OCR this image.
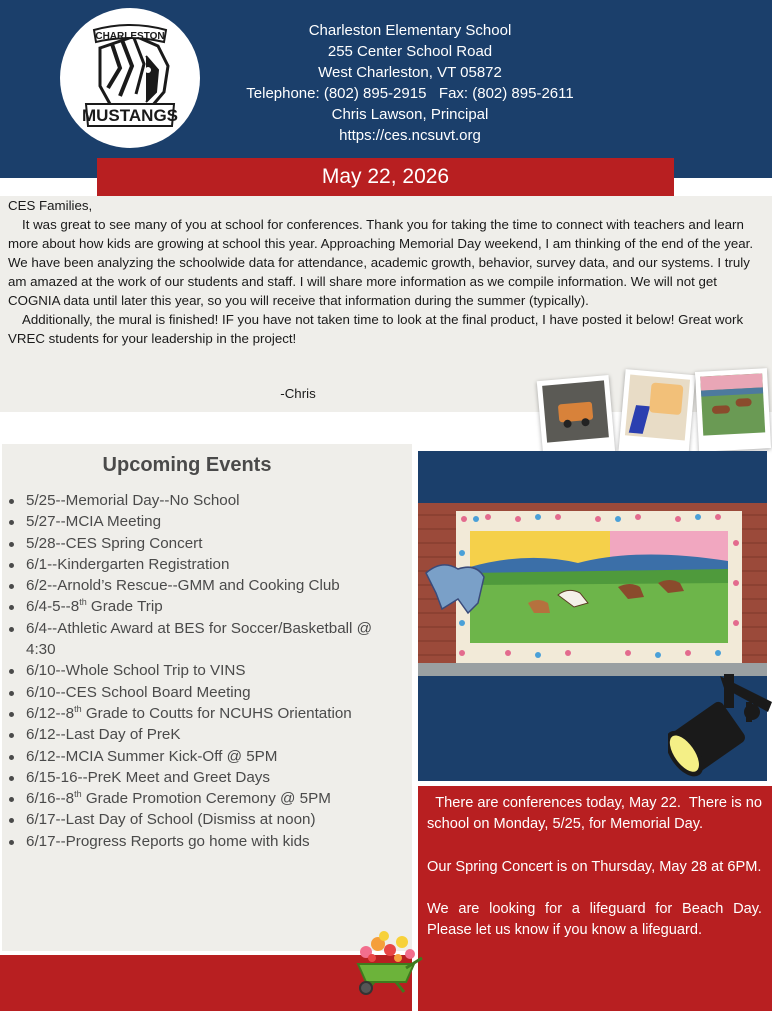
CHARLESTON
MUSTANGS
Charleston Elementary School
255 Center School Road
West Charleston, VT 05872
Telephone: (802) 895-2915   Fax: (802) 895-2611
Chris Lawson, Principal
https://ces.ncsuvt.org
May 22, 2026

CES Families,

It was great to see many of you at school for conferences. Thank you for taking the time to connect with teachers and learn more about how kids are growing at school this year. Approaching Memorial Day weekend, I am thinking of the end of the year. We have been analyzing the schoolwide data for attendance, academic growth, behavior, survey data, and our systems. I truly am amazed at the work of our students and staff. I will share more information as we compile information. We will not get COGNIA data until later this year, so you will receive that information during the summer (typically).

Additionally, the mural is finished! IF you have not taken time to look at the final product, I have posted it below! Great work VREC students for your leadership in the project!

-Chris
Upcoming Events
5/25--Memorial Day--No School
5/27--MCIA Meeting
5/28--CES Spring Concert
6/1--Kindergarten Registration
6/2--Arnold’s Rescue--GMM and Cooking Club
6/4-5--8th Grade Trip
6/4--Athletic Award at BES for Soccer/Basketball @ 4:30
6/10--Whole School Trip to VINS
6/10--CES School Board Meeting
6/12--8th Grade to Coutts for NCUHS Orientation
6/12--Last Day of PreK
6/12--MCIA Summer Kick-Off @ 5PM
6/15-16--PreK Meet and Greet Days
6/16--8th Grade Promotion Ceremony @ 5PM
6/17--Last Day of School (Dismiss at noon)
6/17--Progress Reports go home with kids

There are conferences today, May 22.  There is no school on Monday, 5/25, for Memorial Day.

Our Spring Concert is on Thursday, May 28 at 6PM.

We are looking for a lifeguard for Beach Day. Please let us know if you know a lifeguard.
